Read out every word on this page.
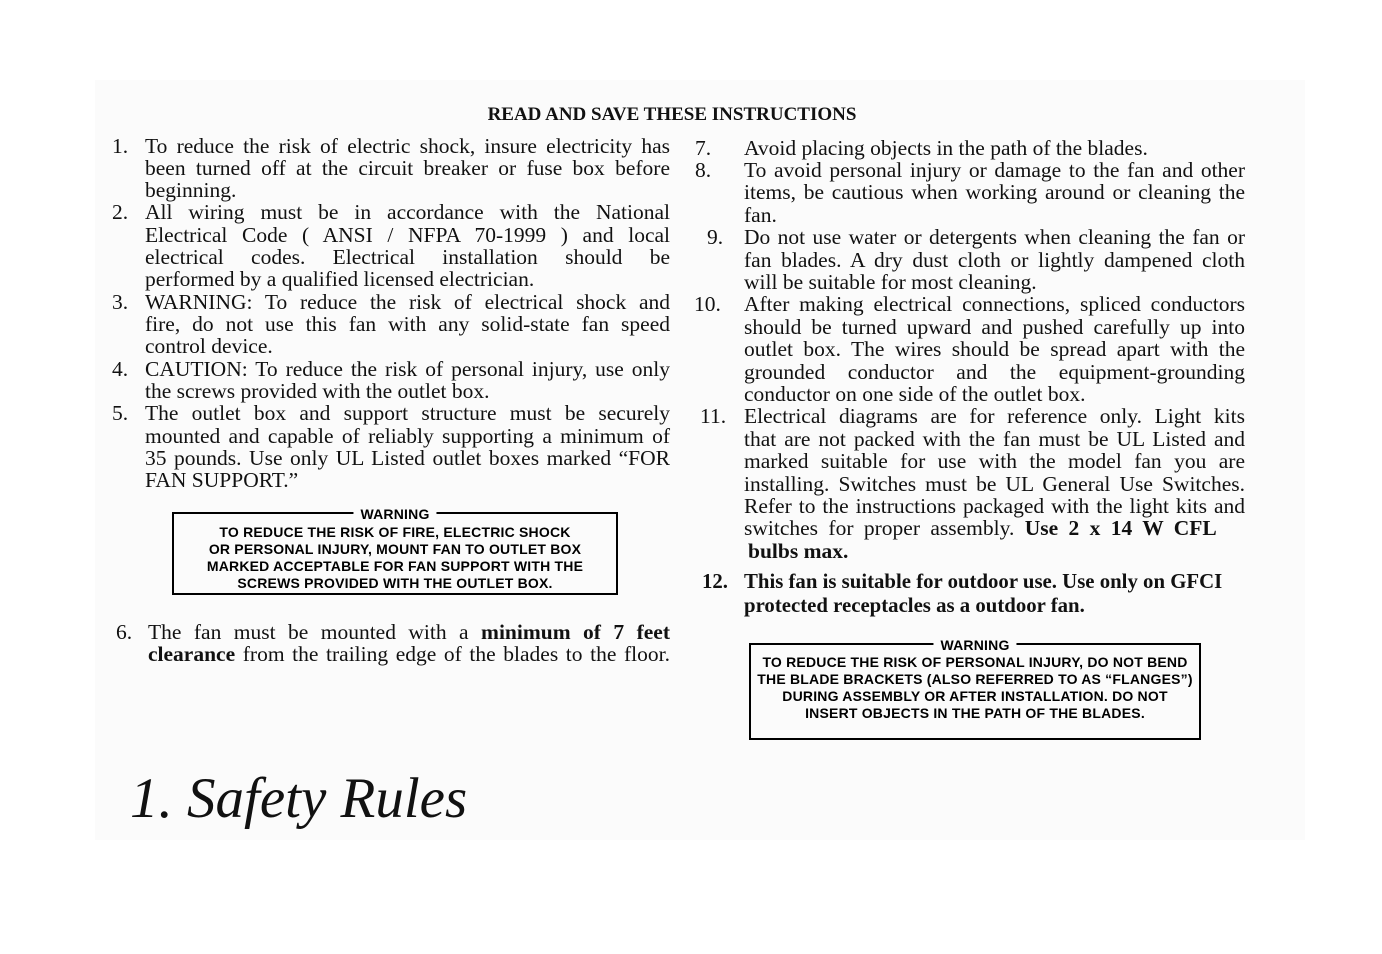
READ AND SAVE THESE INSTRUCTIONS
1. To reduce the risk of electric shock, insure electricity has
been turned off at the circuit breaker or fuse box before
beginning.
2. All wiring must be in accordance with the National
Electrical Code ( ANSI / NFPA 70-1999 ) and local
electrical codes. Electrical installation should be
performed by a qualified licensed electrician.
3. WARNING: To reduce the risk of electrical shock and
fire, do not use this fan with any solid-state fan speed
control device.
4. CAUTION: To reduce the risk of personal injury, use only
the screws provided with the outlet box.
5. The outlet box and support structure must be securely
mounted and capable of reliably supporting a minimum of
35 pounds. Use only UL Listed outlet boxes marked “FOR
FAN SUPPORT.”
WARNING
TO REDUCE THE RISK OF FIRE, ELECTRIC SHOCK
OR PERSONAL INJURY, MOUNT FAN TO OUTLET BOX
MARKED ACCEPTABLE FOR FAN SUPPORT WITH THE
SCREWS PROVIDED WITH THE OUTLET BOX.
6. The fan must be mounted with a minimum of 7 feet
clearance from the trailing edge of the blades to the floor.
7.	Avoid placing objects in the path of the blades.
8.	To avoid personal injury or damage to the fan and other
items, be cautious when working around or cleaning the
fan.
9. Do not use water or detergents when cleaning the fan or
fan blades. A dry dust cloth or lightly dampened cloth
will be suitable for most cleaning.
10.	After making electrical connections, spliced conductors
should be turned upward and pushed carefully up into
outlet box. The wires should be spread apart with the
grounded conductor and the equipment-grounding
conductor on one side of the outlet box.
11. Electrical diagrams are for reference only. Light kits
that are not packed with the fan must be UL Listed and
marked suitable for use with the model fan you are
installing. Switches must be UL General Use Switches.
Refer to the instructions packaged with the light kits and
switches for proper assembly. Use 2 x 14 W CFL
bulbs max.
12. This fan is suitable for outdoor use. Use only on GFCI
protected receptacles as a outdoor fan.
WARNING
TO REDUCE THE RISK OF PERSONAL INJURY, DO NOT BEND
THE BLADE BRACKETS (ALSO REFERRED TO AS “FLANGES”)
DURING ASSEMBLY OR AFTER INSTALLATION. DO NOT
INSERT OBJECTS IN THE PATH OF THE BLADES.
1. Safety Rules
